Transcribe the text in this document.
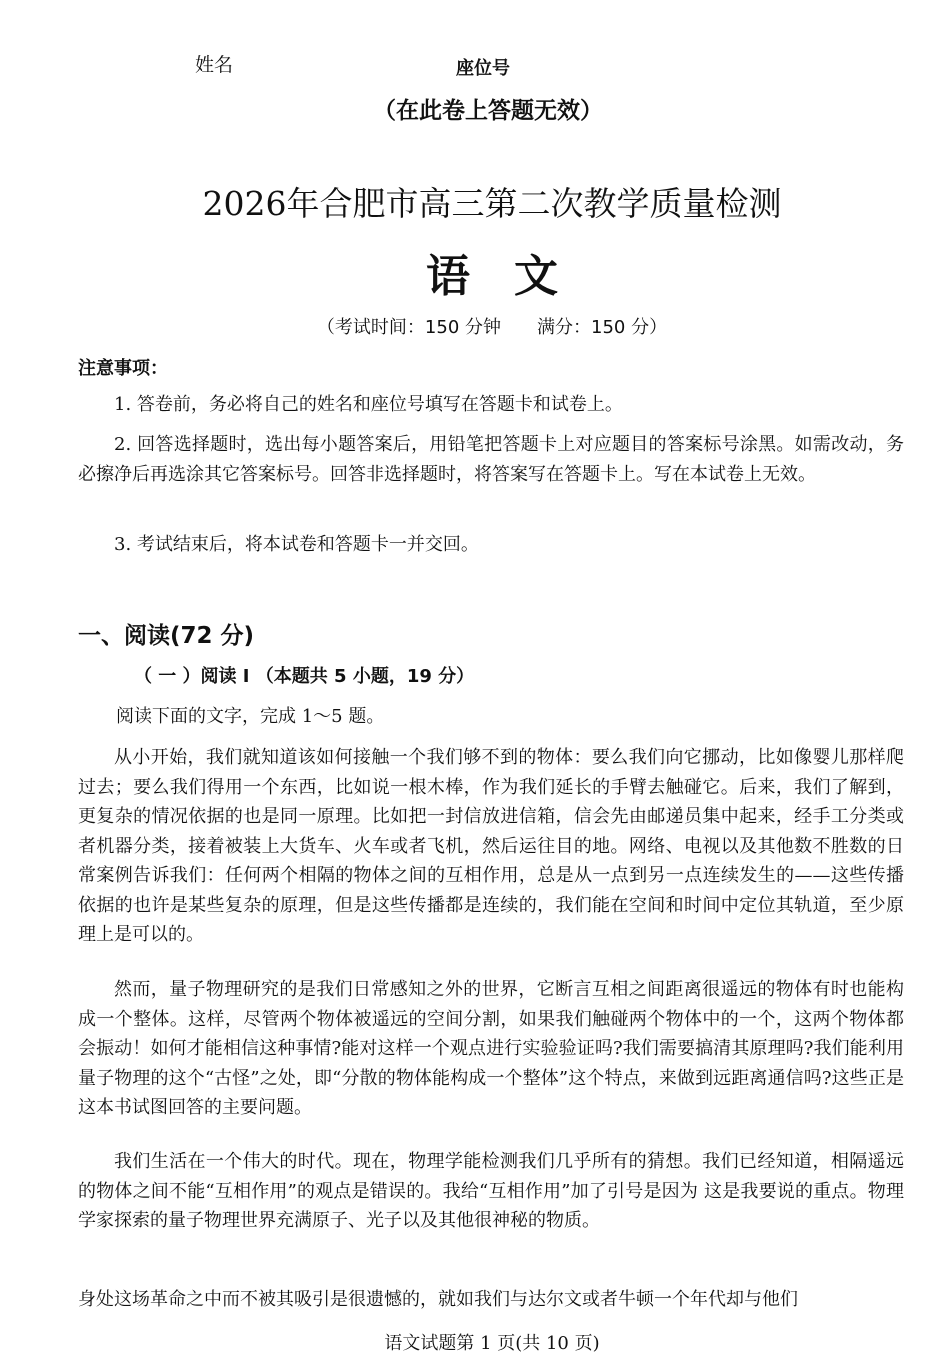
姓名	座位号
（在此卷上答题无效）
2026年合肥市高三第二次教学质量检测
语　文
（考试时间：150 分钟　　满分：150 分）
注意事项：

1. 答卷前，务必将自己的姓名和座位号填写在答题卡和试卷上。

2. 回答选择题时，选出每小题答案后，用铅笔把答题卡上对应题目的答案标号涂黑。如需改动，务必擦净后再选涂其它答案标号。回答非选择题时，将答案写在答题卡上。写在本试卷上无效。

3. 考试结束后，将本试卷和答题卡一并交回。

一、阅读(72 分)
（ 一 ）阅读 I （本题共 5 小题，19 分）
阅读下面的文字，完成 1～5 题。

从小开始，我们就知道该如何接触一个我们够不到的物体：要么我们向它挪动，比如像婴儿那样爬过去；要么我们得用一个东西，比如说一根木棒，作为我们延长的手臂去触碰它。后来，我们了解到，更复杂的情况依据的也是同一原理。比如把一封信放进信箱，信会先由邮递员集中起来，经手工分类或者机器分类，接着被装上大货车、火车或者飞机，然后运往目的地。网络、电视以及其他数不胜数的日常案例告诉我们：任何两个相隔的物体之间的互相作用，总是从一点到另一点连续发生的——这些传播依据的也许是某些复杂的原理，但是这些传播都是连续的，我们能在空间和时间中定位其轨道，至少原理上是可以的。

然而，量子物理研究的是我们日常感知之外的世界，它断言互相之间距离很遥远的物体有时也能构成一个整体。这样，尽管两个物体被遥远的空间分割，如果我们触碰两个物体中的一个，这两个物体都会振动！如何才能相信这种事情?能对这样一个观点进行实验验证吗?我们需要搞清其原理吗?我们能利用量子物理的这个“古怪”之处，即“分散的物体能构成一个整体”这个特点，来做到远距离通信吗?这些正是这本书试图回答的主要问题。

我们生活在一个伟大的时代。现在，物理学能检测我们几乎所有的猜想。我们已经知道，相隔遥远的物体之间不能“互相作用”的观点是错误的。我给“互相作用”加了引号是因为 这是我要说的重点。物理学家探索的量子物理世界充满原子、光子以及其他很神秘的物质。

身处这场革命之中而不被其吸引是很遗憾的，就如我们与达尔文或者牛顿一个年代却与他们

语文试题第 1 页(共 10 页)
